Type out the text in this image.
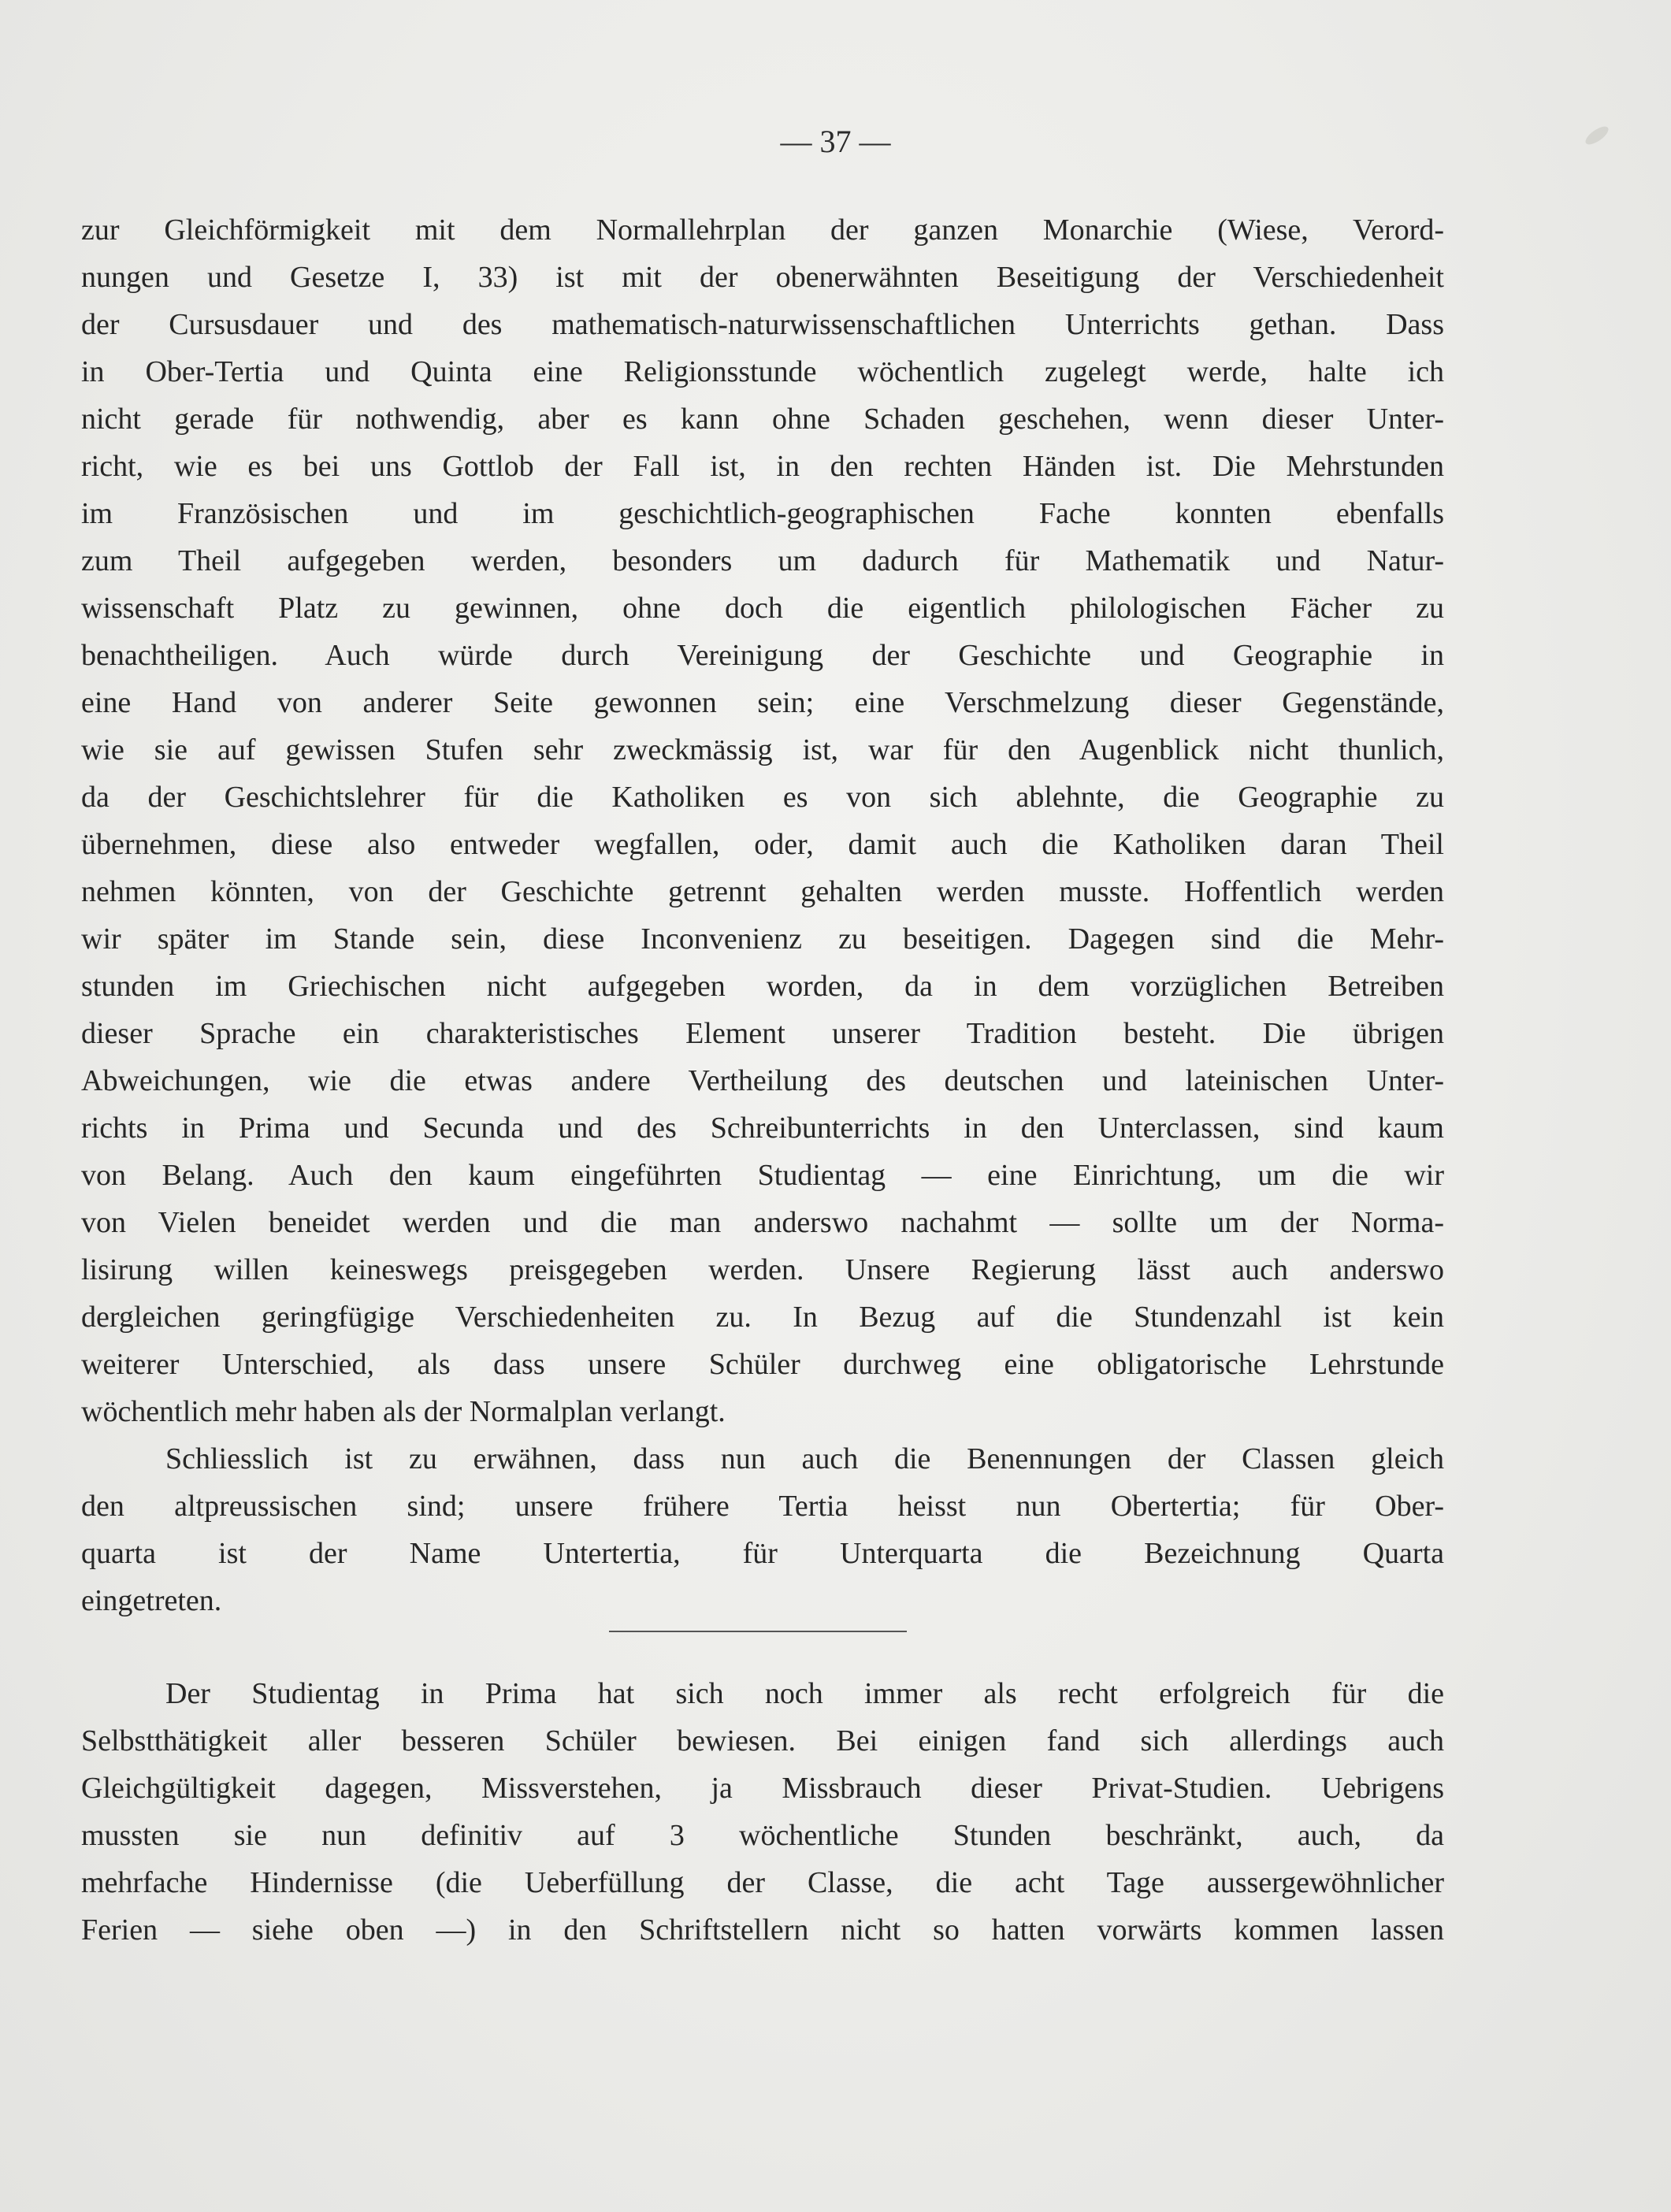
— 37 —
zur Gleichförmigkeit mit dem Normallehrplan der ganzen Monarchie (Wiese, Verord-
nungen und Gesetze I, 33) ist mit der obenerwähnten Beseitigung der Verschiedenheit
der Cursusdauer und des mathematisch-naturwissenschaftlichen Unterrichts gethan. Dass
in Ober-Tertia und Quinta eine Religionsstunde wöchentlich zugelegt werde, halte ich
nicht gerade für nothwendig, aber es kann ohne Schaden geschehen, wenn dieser Unter-
richt, wie es bei uns Gottlob der Fall ist, in den rechten Händen ist. Die Mehrstunden
im Französischen und im geschichtlich-geographischen Fache konnten ebenfalls
zum Theil aufgegeben werden, besonders um dadurch für Mathematik und Natur-
wissenschaft Platz zu gewinnen, ohne doch die eigentlich philologischen Fächer zu
benachtheiligen. Auch würde durch Vereinigung der Geschichte und Geographie in
eine Hand von anderer Seite gewonnen sein; eine Verschmelzung dieser Gegenstände,
wie sie auf gewissen Stufen sehr zweckmässig ist, war für den Augenblick nicht thunlich,
da der Geschichtslehrer für die Katholiken es von sich ablehnte, die Geographie zu
übernehmen, diese also entweder wegfallen, oder, damit auch die Katholiken daran Theil
nehmen könnten, von der Geschichte getrennt gehalten werden musste. Hoffentlich werden
wir später im Stande sein, diese Inconvenienz zu beseitigen. Dagegen sind die Mehr-
stunden im Griechischen nicht aufgegeben worden, da in dem vorzüglichen Betreiben
dieser Sprache ein charakteristisches Element unserer Tradition besteht. Die übrigen
Abweichungen, wie die etwas andere Vertheilung des deutschen und lateinischen Unter-
richts in Prima und Secunda und des Schreibunterrichts in den Unterclassen, sind kaum
von Belang. Auch den kaum eingeführten Studientag — eine Einrichtung, um die wir
von Vielen beneidet werden und die man anderswo nachahmt — sollte um der Norma-
lisirung willen keineswegs preisgegeben werden. Unsere Regierung lässt auch anderswo
dergleichen geringfügige Verschiedenheiten zu. In Bezug auf die Stundenzahl ist kein
weiterer Unterschied, als dass unsere Schüler durchweg eine obligatorische Lehrstunde
wöchentlich mehr haben als der Normalplan verlangt.
Schliesslich ist zu erwähnen, dass nun auch die Benennungen der Classen gleich
den altpreussischen sind; unsere frühere Tertia heisst nun Obertertia; für Ober-
quarta ist der Name Untertertia, für Unterquarta die Bezeichnung Quarta
eingetreten.
Der Studientag in Prima hat sich noch immer als recht erfolgreich für die
Selbstthätigkeit aller besseren Schüler bewiesen. Bei einigen fand sich allerdings auch
Gleichgültigkeit dagegen, Missverstehen, ja Missbrauch dieser Privat-Studien. Uebrigens
mussten sie nun definitiv auf 3 wöchentliche Stunden beschränkt, auch, da
mehrfache Hindernisse (die Ueberfüllung der Classe, die acht Tage aussergewöhnlicher
Ferien — siehe oben —) in den Schriftstellern nicht so hatten vorwärts kommen lassen
